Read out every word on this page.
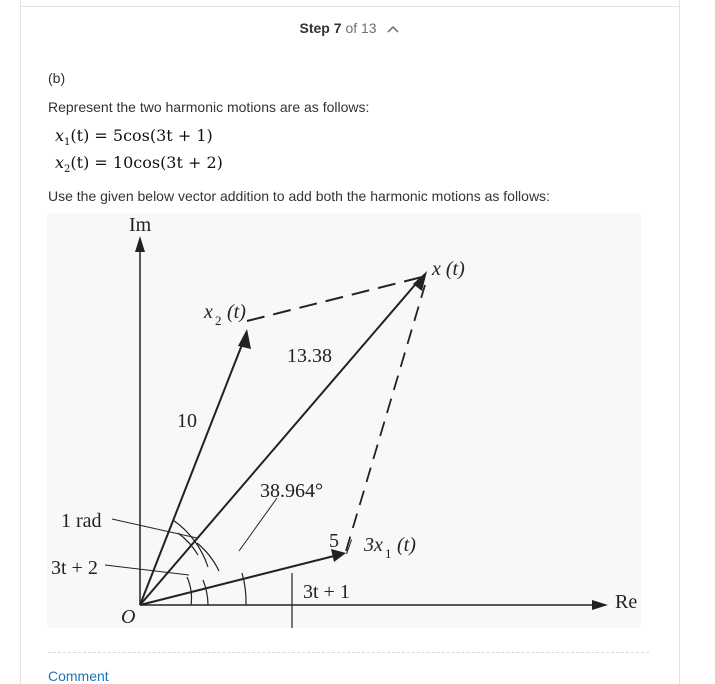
Step 7 of 13
(b)
Represent the two harmonic motions are as follows:
$x_1(t) = 5\cos(3t + 1)$
$x_2(t) = 10\cos(3t + 2)$
Use the given below vector addition to add both the harmonic motions as follows:
Im
Re
O
x (t)
x 2 (t)
3x 1 (t)
13.38
10
5 /
38.964°
1 rad
3t + 2
3t + 1
Comment
